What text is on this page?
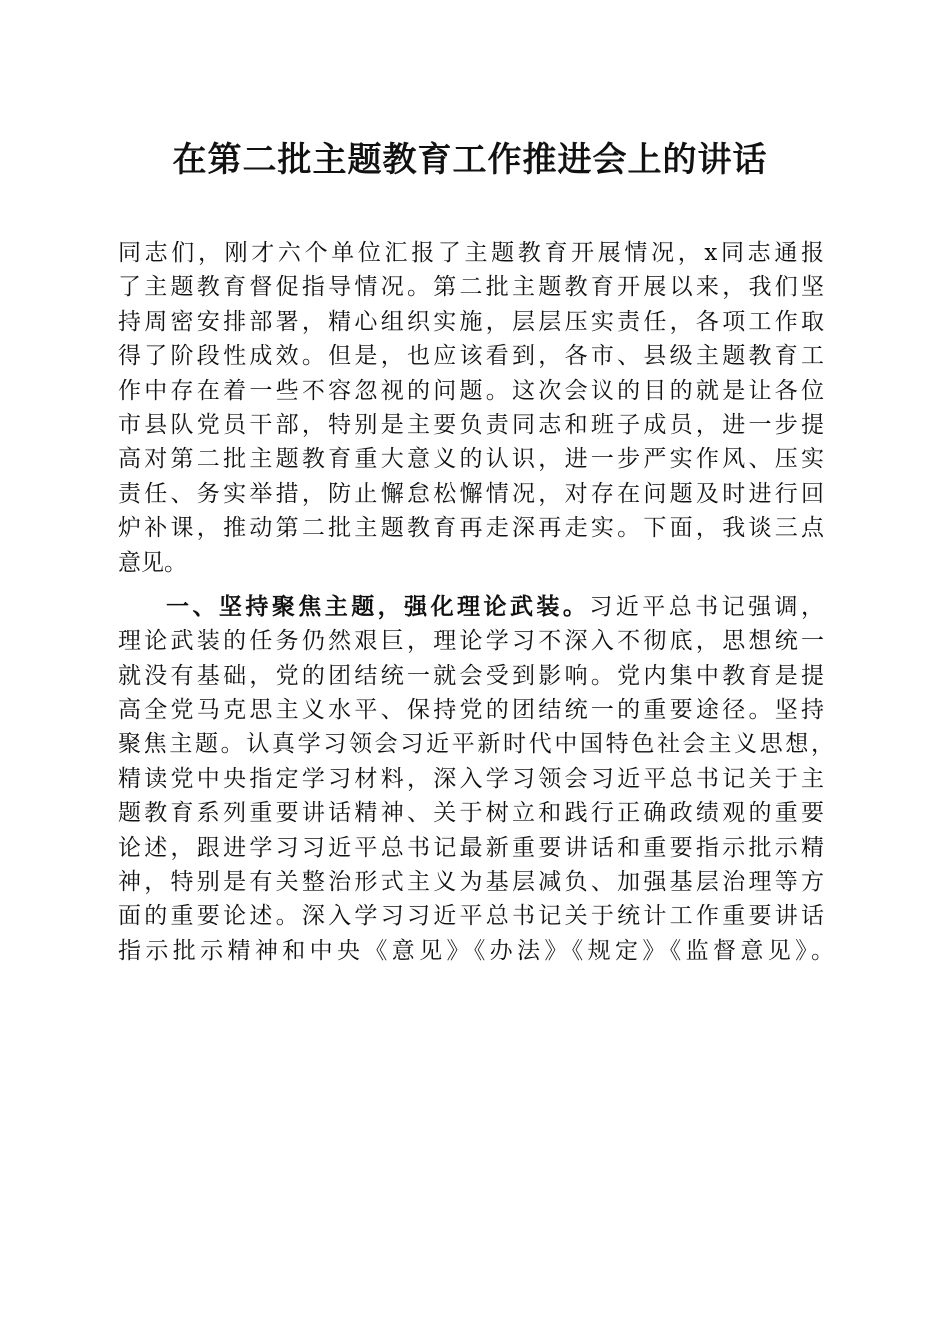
在第二批主题教育工作推进会上的讲话
同志们，刚才六个单位汇报了主题教育开展情况，x同志通报
了主题教育督促指导情况。第二批主题教育开展以来，我们坚
持周密安排部署，精心组织实施，层层压实责任，各项工作取
得了阶段性成效。但是，也应该看到，各市、县级主题教育工
作中存在着一些不容忽视的问题。这次会议的目的就是让各位
市县队党员干部，特别是主要负责同志和班子成员，进一步提
高对第二批主题教育重大意义的认识，进一步严实作风、压实
责任、务实举措，防止懈怠松懈情况，对存在问题及时进行回
炉补课，推动第二批主题教育再走深再走实。下面，我谈三点
意见。
一、坚持聚焦主题，强化理论武装。习近平总书记强调，
理论武装的任务仍然艰巨，理论学习不深入不彻底，思想统一
就没有基础，党的团结统一就会受到影响。党内集中教育是提
高全党马克思主义水平、保持党的团结统一的重要途径。坚持
聚焦主题。认真学习领会习近平新时代中国特色社会主义思想，
精读党中央指定学习材料，深入学习领会习近平总书记关于主
题教育系列重要讲话精神、关于树立和践行正确政绩观的重要
论述，跟进学习习近平总书记最新重要讲话和重要指示批示精
神，特别是有关整治形式主义为基层减负、加强基层治理等方
面的重要论述。深入学习习近平总书记关于统计工作重要讲话
指示批示精神和中央《意见》《办法》《规定》《监督意见》。
